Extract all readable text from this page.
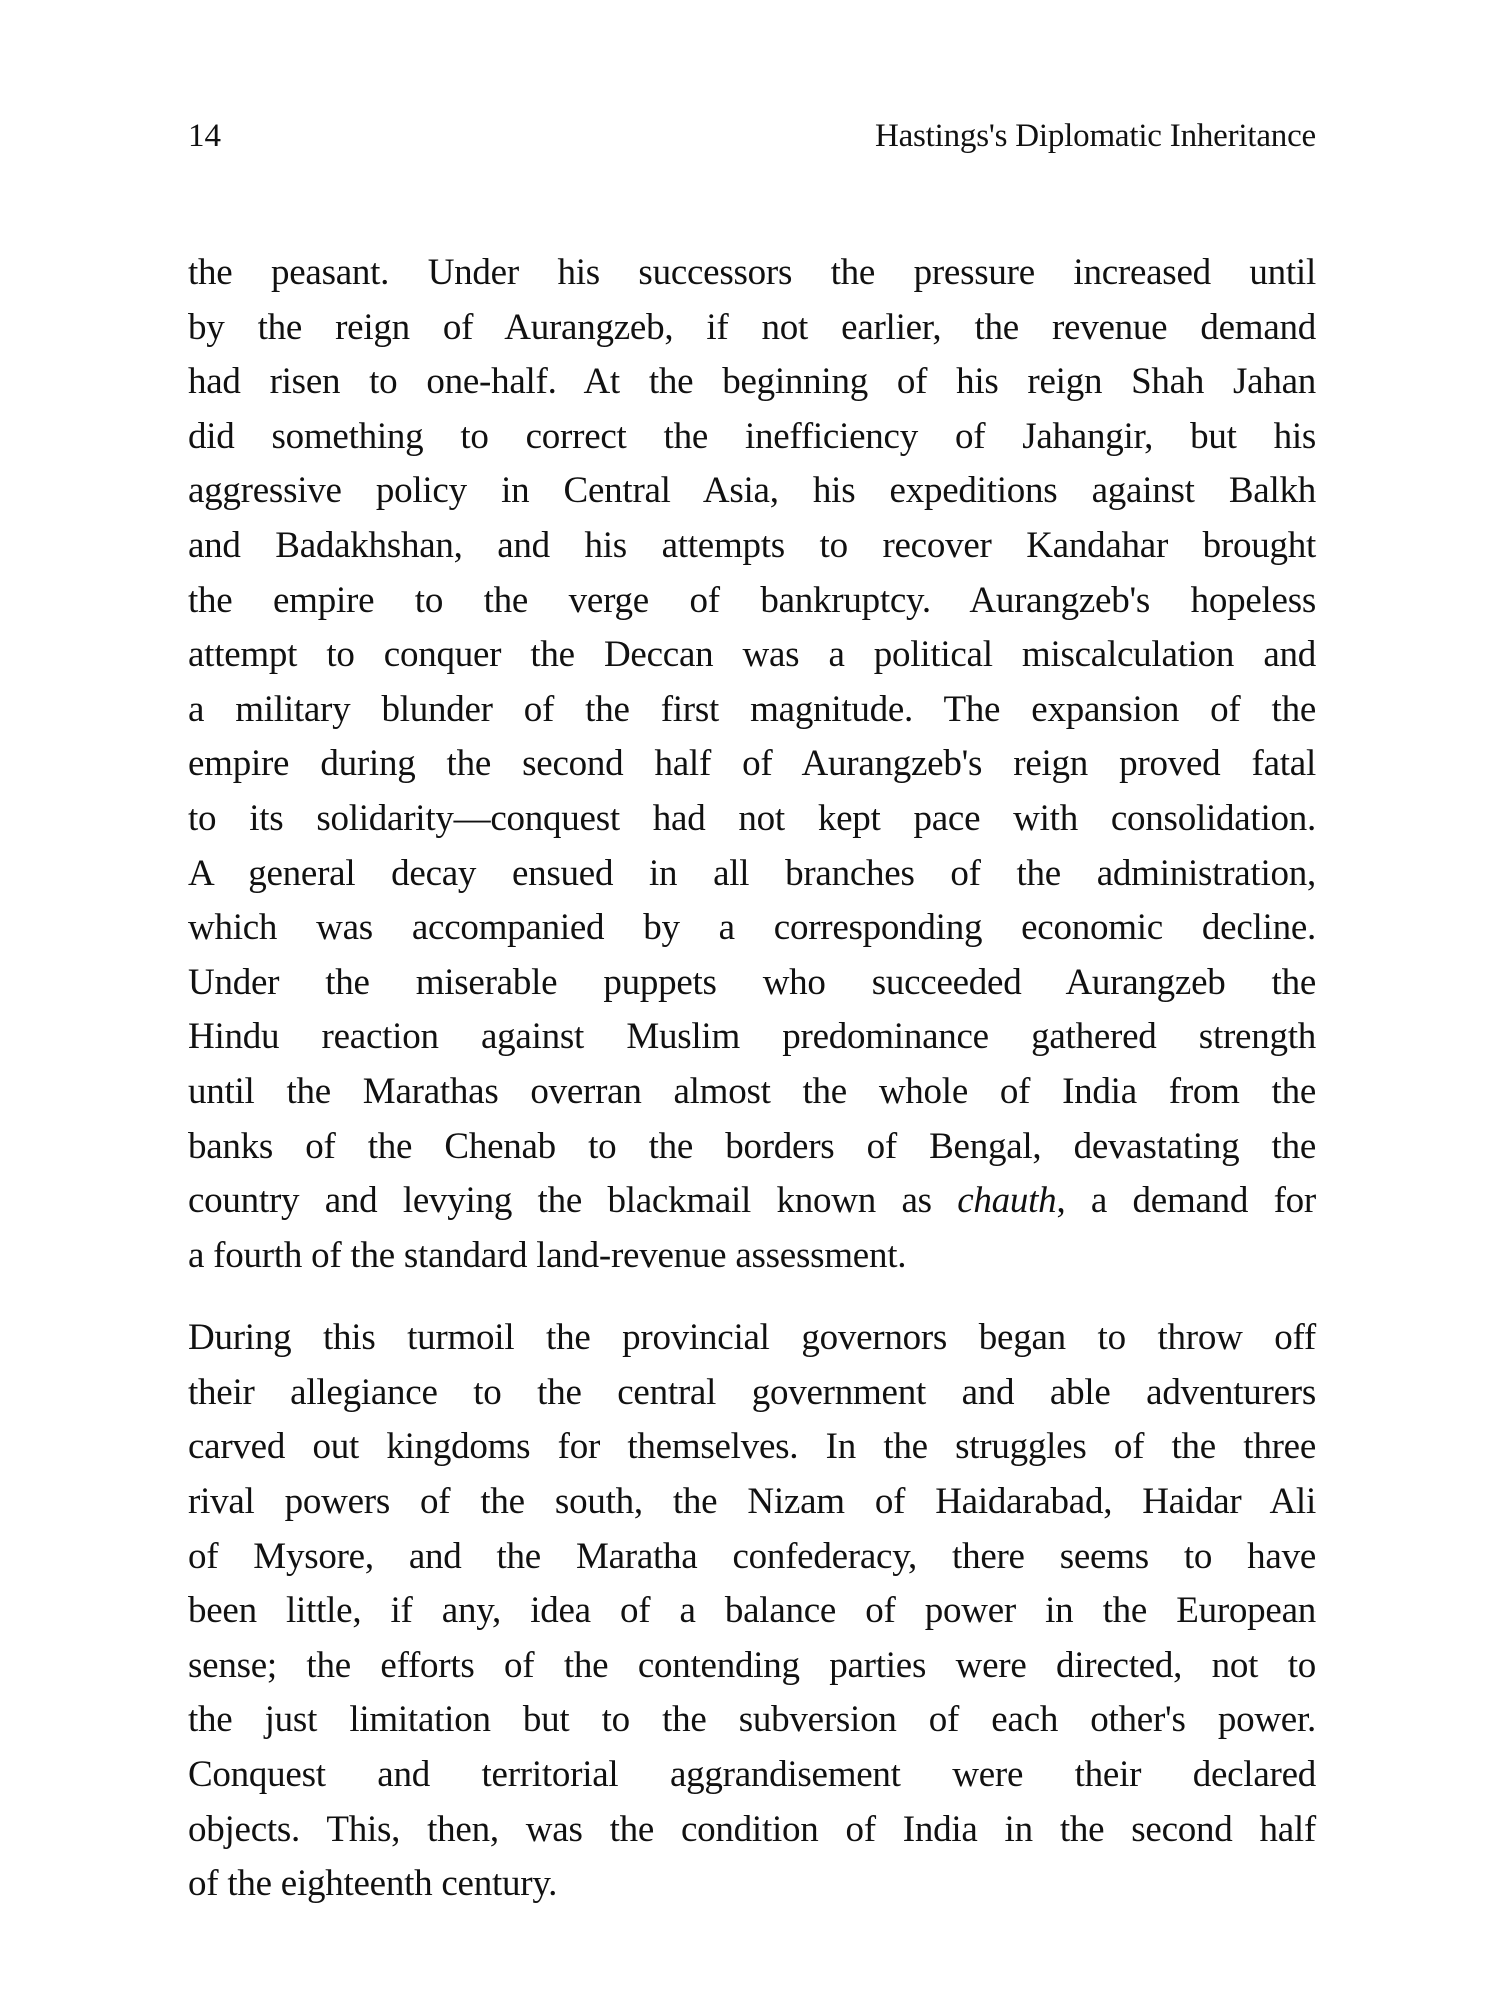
14	Hastings's Diplomatic Inheritance

the peasant. Under his successors the pressure increased until
by the reign of Aurangzeb, if not earlier, the revenue demand
had risen to one-half. At the beginning of his reign Shah Jahan
did something to correct the inefficiency of Jahangir, but his
aggressive policy in Central Asia, his expeditions against Balkh
and Badakhshan, and his attempts to recover Kandahar brought
the empire to the verge of bankruptcy. Aurangzeb's hopeless
attempt to conquer the Deccan was a political miscalculation and
a military blunder of the first magnitude. The expansion of the
empire during the second half of Aurangzeb's reign proved fatal
to its solidarity—conquest had not kept pace with consolidation.
A general decay ensued in all branches of the administration,
which was accompanied by a corresponding economic decline.
Under the miserable puppets who succeeded Aurangzeb the
Hindu reaction against Muslim predominance gathered strength
until the Marathas overran almost the whole of India from the
banks of the Chenab to the borders of Bengal, devastating the
country and levying the blackmail known as chauth, a demand for
a fourth of the standard land-revenue assessment.

During this turmoil the provincial governors began to throw off
their allegiance to the central government and able adventurers
carved out kingdoms for themselves. In the struggles of the three
rival powers of the south, the Nizam of Haidarabad, Haidar Ali
of Mysore, and the Maratha confederacy, there seems to have
been little, if any, idea of a balance of power in the European
sense; the efforts of the contending parties were directed, not to
the just limitation but to the subversion of each other's power.
Conquest and territorial aggrandisement were their declared
objects. This, then, was the condition of India in the second half
of the eighteenth century.
